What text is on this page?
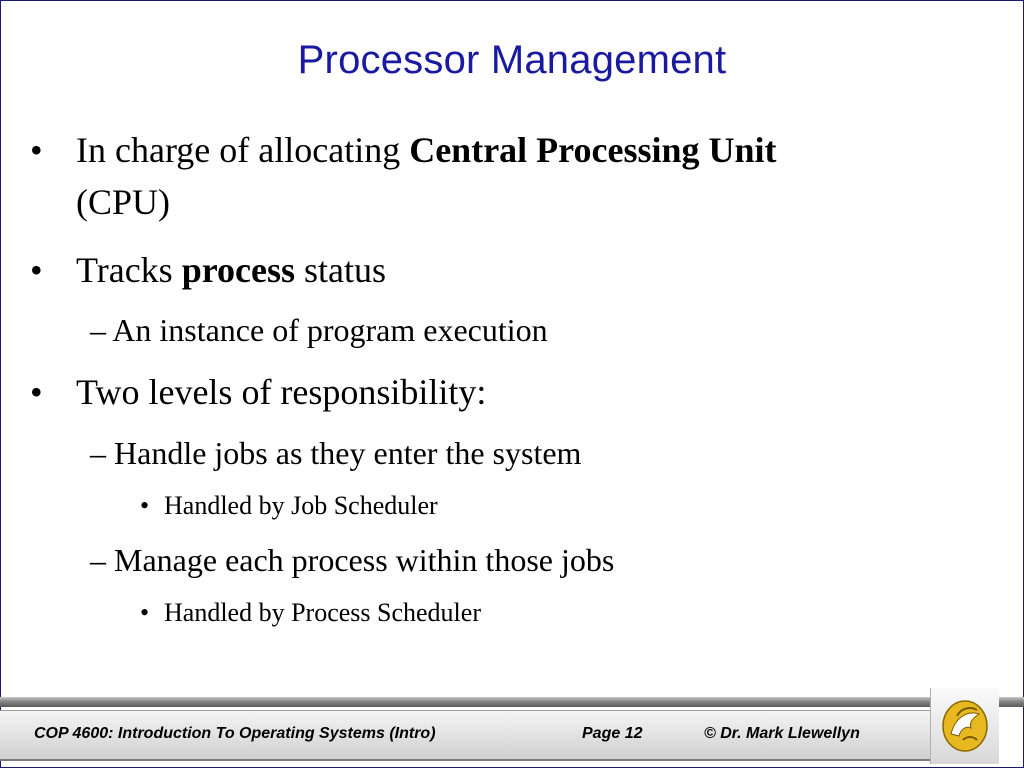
Processor Management
• In charge of allocating Central Processing Unit
(CPU)
• Tracks process status
– An instance of program execution
• Two levels of responsibility:
– Handle jobs as they enter the system
• Handled by Job Scheduler
– Manage each process within those jobs
• Handled by Process Scheduler
COP 4600: Introduction To Operating Systems (Intro)	Page 12	© Dr. Mark Llewellyn
